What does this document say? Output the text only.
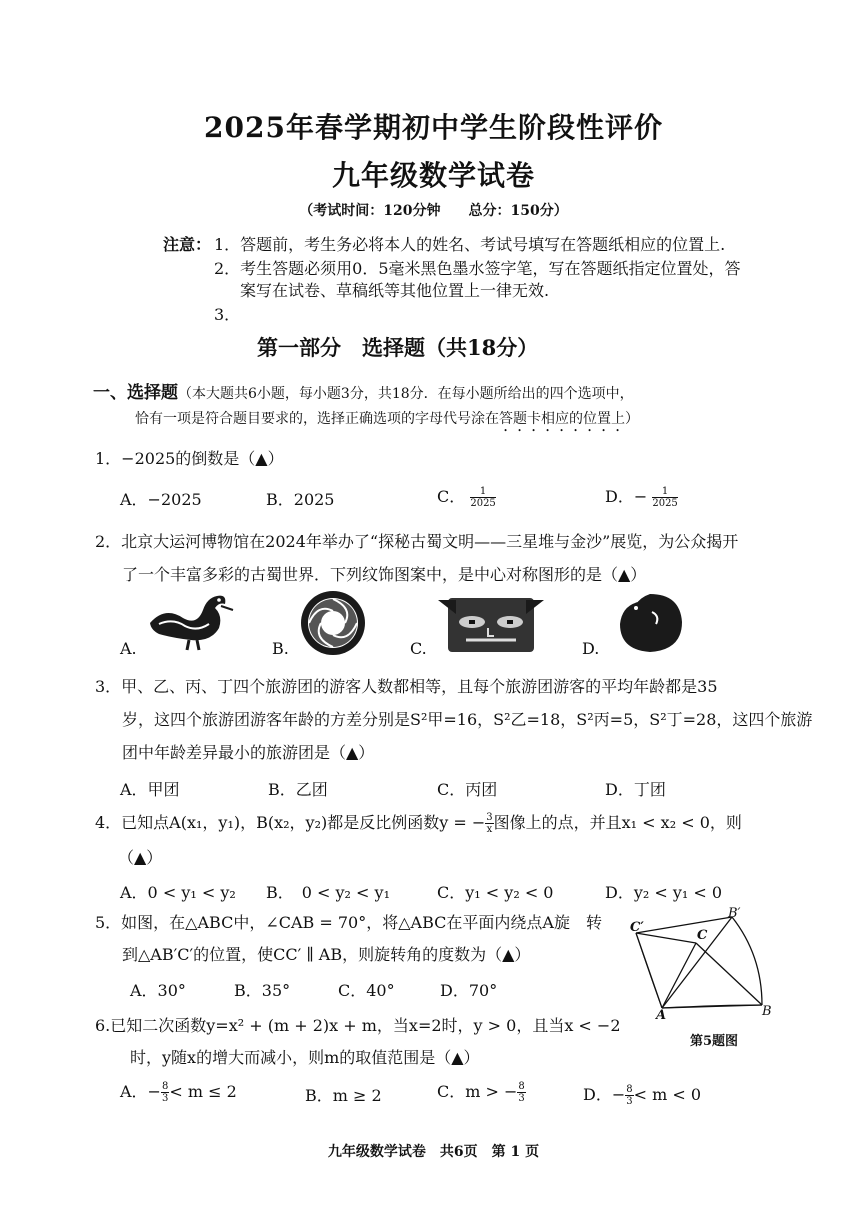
2025年春学期初中学生阶段性评价
九年级数学试卷
（考试时间：120分钟　　总分：150分）
注意： 1．答题前，考生务必将本人的姓名、考试号填写在答题纸相应的位置上.
2．考生答题必须用0．5毫米黑色墨水签字笔，写在答题纸指定位置处，答
案写在试卷、草稿纸等其他位置上一律无效.
3．
第一部分　选择题（共18分）
一、选择题（本大题共6小题，每小题3分，共18分．在每小题所给出的四个选项中，
恰有一项是符合题目要求的，选择正确选项的字母代号涂在答题卡相应的位置上）
1．−2025的倒数是（▲）
A．−2025	B．2025	C． $\frac{1}{2025}$	D．− $\frac{1}{2025}$
2．北京大运河博物馆在2024年举办了“探秘古蜀文明——三星堆与金沙”展览，为公众揭开
了一个丰富多彩的古蜀世界．下列纹饰图案中，是中心对称图形的是（▲）
A.	B.	C.	D.
3．甲、乙、丙、丁四个旅游团的游客人数都相等，且每个旅游团游客的平均年龄都是35
岁，这四个旅游团游客年龄的方差分别是S²甲=16，S²乙=18，S²丙=5，S²丁=28，这四个旅游
团中年龄差异最小的旅游团是（▲）
A．甲团	B．乙团	C．丙团	D．丁团
4．已知点A(x₁，y₁)，B(x₂，y₂)都是反比例函数y = − $\frac{3}{x}$ 图像上的点，并且x₁ < x₂ < 0，则
（▲）
A．0 < y₁ < y₂ B．　0 < y₂ < y₁	C．y₁ < y₂ < 0	D．y₂ < y₁ < 0
5．如图，在△ABC中，∠CAB = 70°，将△ABC在平面内绕点A旋　转
到△AB′C′的位置，使CC′ ∥ AB，则旋转角的度数为（▲）
A．30°	B．35°	C．40°	D．70°
C′
B′
C
A	B
第5题图
6.已知二次函数y=x² + (m + 2)x + m，当x=2时，y > 0，且当x < −2
时，y随x的增大而减小，则m的取值范围是（▲）
A．− $\frac{8}{3} < m \le 2$	B．m ≥ 2	C．m > − $\frac{8}{3}$	D．− $\frac{8}{3} < m < 0$
九年级数学试卷　共6页　第 1 页
